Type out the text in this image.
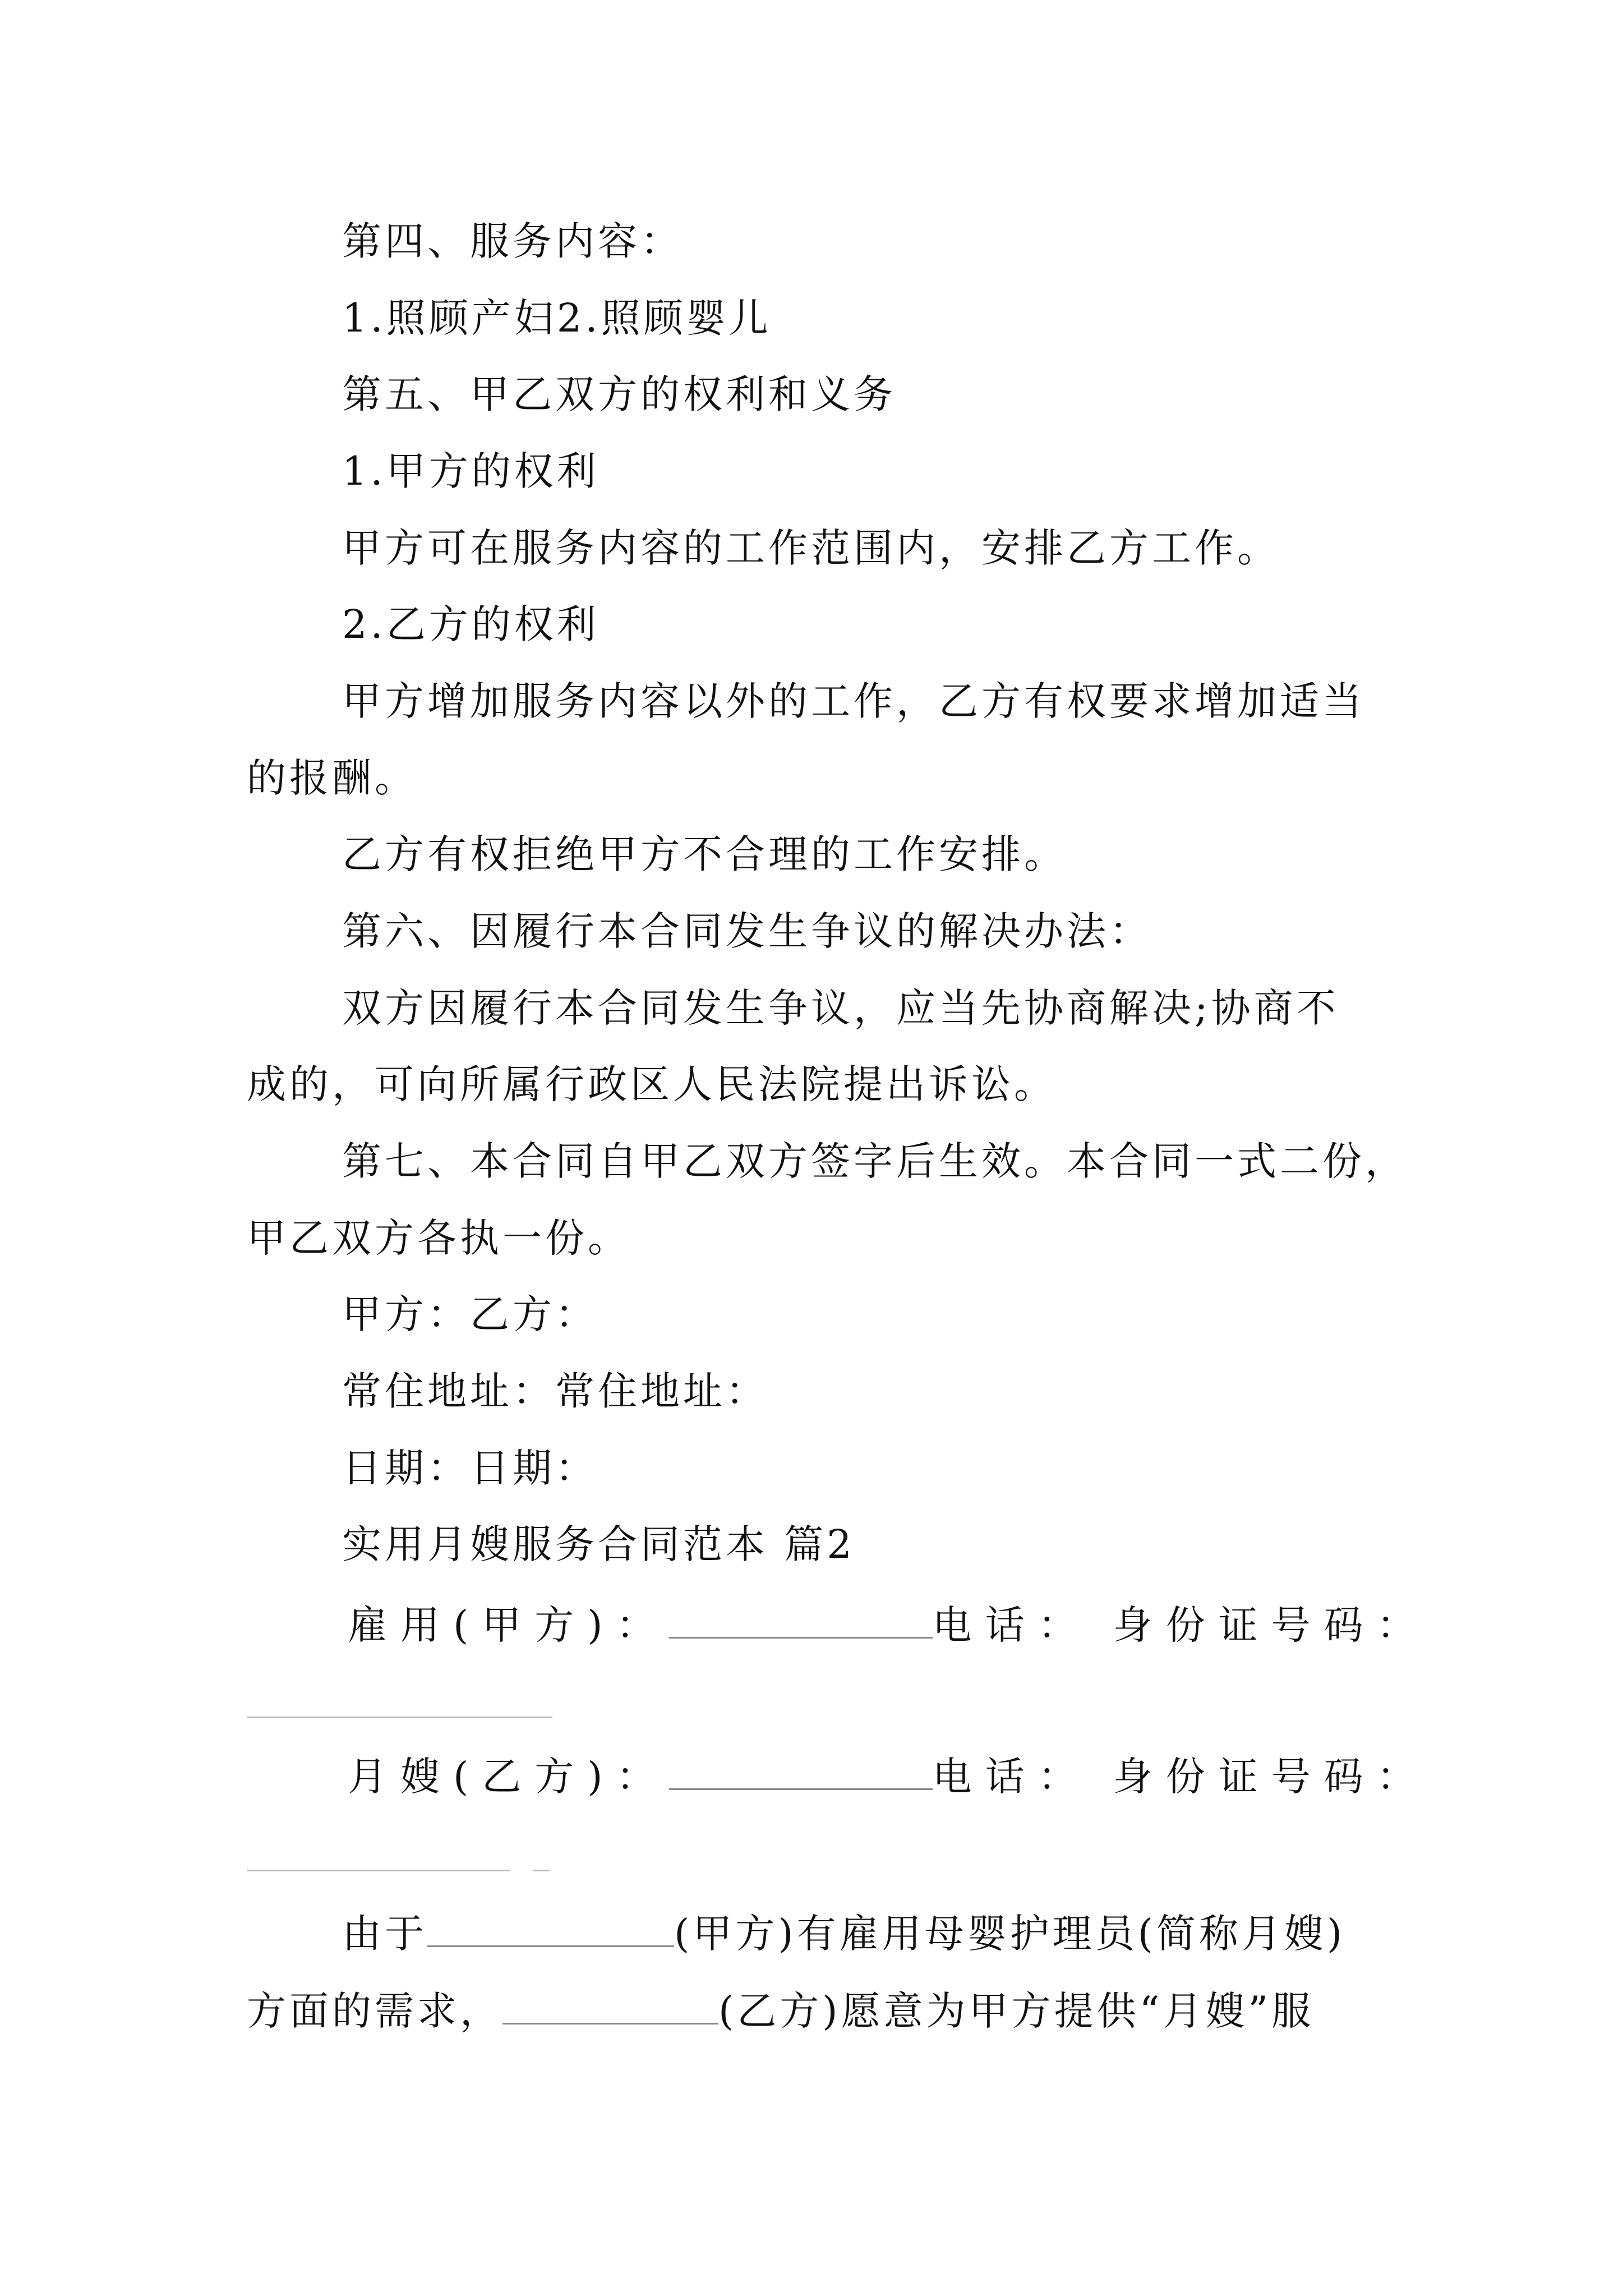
第四、服务内容：
1.照顾产妇2.照顾婴儿
第五、甲乙双方的权利和义务
1.甲方的权利
甲方可在服务内容的工作范围内，安排乙方工作。
2.乙方的权利
甲方增加服务内容以外的工作，乙方有权要求增加适当
的报酬。
乙方有权拒绝甲方不合理的工作安排。
第六、因履行本合同发生争议的解决办法：
双方因履行本合同发生争议，应当先协商解决;协商不
成的，可向所属行政区人民法院提出诉讼。
第七、本合同自甲乙双方签字后生效。本合同一式二份，
甲乙双方各执一份。
甲方：乙方：
常住地址：常住地址：
日期：日期：
实用月嫂服务合同范本 篇2
雇用(甲方)：	电话： 身份证号码：
月嫂(乙方)：	电话： 身份证号码：
由于	(甲方)有雇用母婴护理员(简称月嫂)
方面的需求，	(乙方)愿意为甲方提供“月嫂”服
